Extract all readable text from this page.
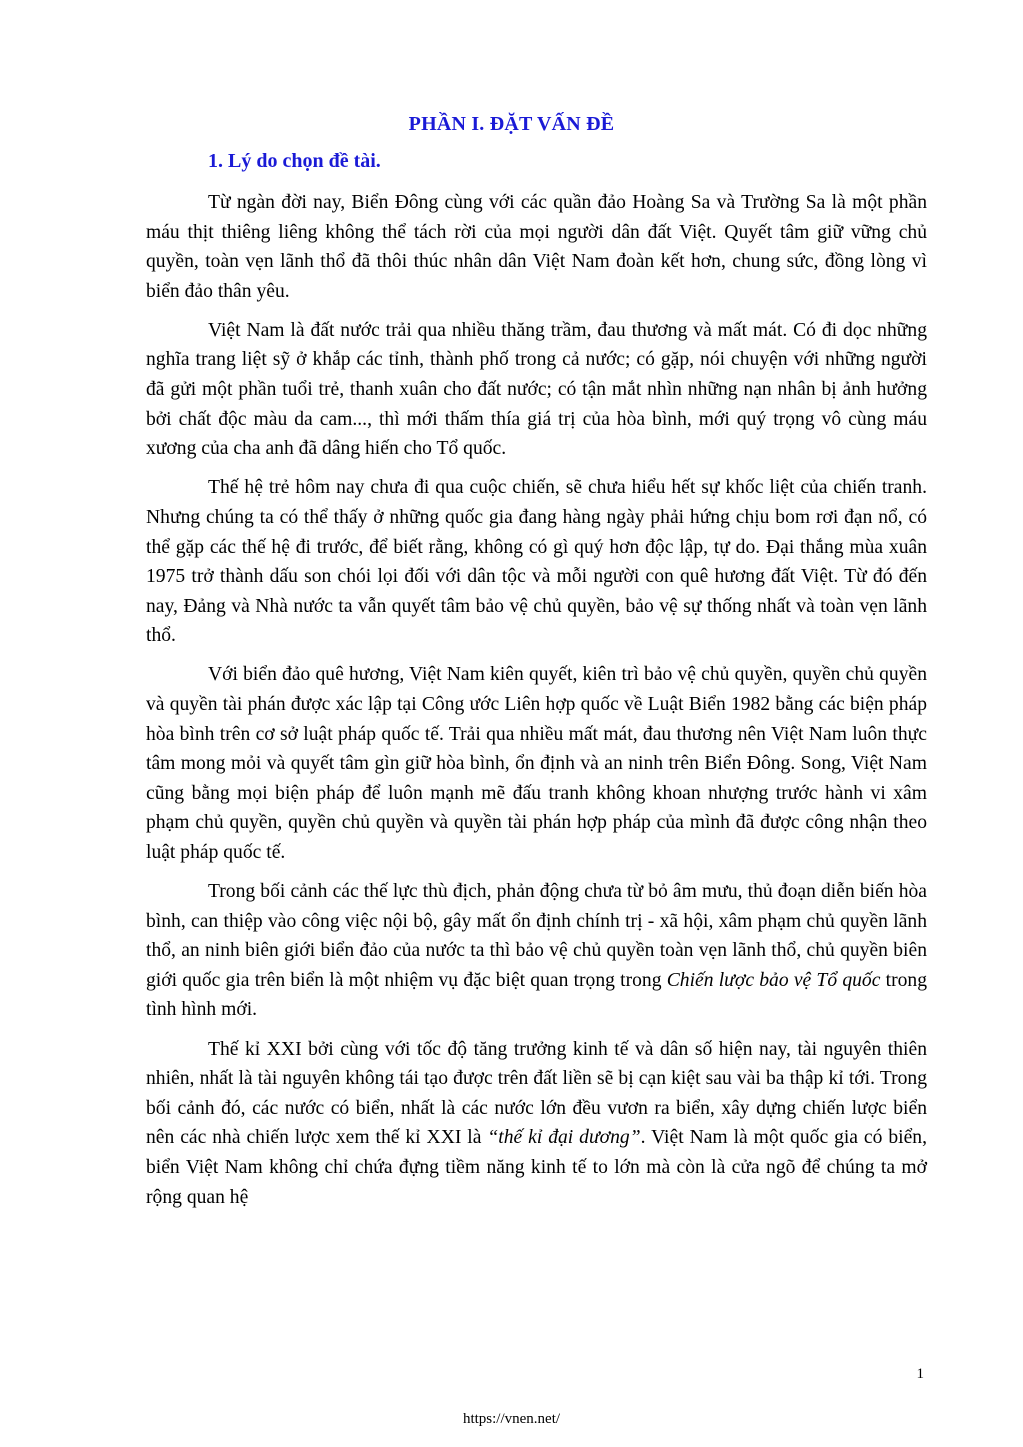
PHẦN I. ĐẶT VẤN ĐỀ
1. Lý do chọn đề tài.

Từ ngàn đời nay, Biển Đông cùng với các quần đảo Hoàng Sa và Trường Sa là một phần máu thịt thiêng liêng không thể tách rời của mọi người dân đất Việt. Quyết tâm giữ vững chủ quyền, toàn vẹn lãnh thổ đã thôi thúc nhân dân Việt Nam đoàn kết hơn, chung sức, đồng lòng vì biển đảo thân yêu.

Việt Nam là đất nước trải qua nhiều thăng trầm, đau thương và mất mát. Có đi dọc những nghĩa trang liệt sỹ ở khắp các tỉnh, thành phố trong cả nước; có gặp, nói chuyện với những người đã gửi một phần tuổi trẻ, thanh xuân cho đất nước; có tận mắt nhìn những nạn nhân bị ảnh hưởng bởi chất độc màu da cam..., thì mới thấm thía giá trị của hòa bình, mới quý trọng vô cùng máu xương của cha anh đã dâng hiến cho Tổ quốc.

Thế hệ trẻ hôm nay chưa đi qua cuộc chiến, sẽ chưa hiểu hết sự khốc liệt của chiến tranh. Nhưng chúng ta có thể thấy ở những quốc gia đang hàng ngày phải hứng chịu bom rơi đạn nổ, có thể gặp các thế hệ đi trước, để biết rằng, không có gì quý hơn độc lập, tự do. Đại thắng mùa xuân 1975 trở thành dấu son chói lọi đối với dân tộc và mỗi người con quê hương đất Việt. Từ đó đến nay, Đảng và Nhà nước ta vẫn quyết tâm bảo vệ chủ quyền, bảo vệ sự thống nhất và toàn vẹn lãnh thổ.

Với biển đảo quê hương, Việt Nam kiên quyết, kiên trì bảo vệ chủ quyền, quyền chủ quyền và quyền tài phán được xác lập tại Công ước Liên hợp quốc về Luật Biển 1982 bằng các biện pháp hòa bình trên cơ sở luật pháp quốc tế. Trải qua nhiều mất mát, đau thương nên Việt Nam luôn thực tâm mong mỏi và quyết tâm gìn giữ hòa bình, ổn định và an ninh trên Biển Đông. Song, Việt Nam cũng bằng mọi biện pháp để luôn mạnh mẽ đấu tranh không khoan nhượng trước hành vi xâm phạm chủ quyền, quyền chủ quyền và quyền tài phán hợp pháp của mình đã được công nhận theo luật pháp quốc tế.

Trong bối cảnh các thế lực thù địch, phản động chưa từ bỏ âm mưu, thủ đoạn diễn biến hòa bình, can thiệp vào công việc nội bộ, gây mất ổn định chính trị - xã hội, xâm phạm chủ quyền lãnh thổ, an ninh biên giới biển đảo của nước ta thì bảo vệ chủ quyền toàn vẹn lãnh thổ, chủ quyền biên giới quốc gia trên biển là một nhiệm vụ đặc biệt quan trọng trong Chiến lược bảo vệ Tổ quốc trong tình hình mới.

Thế kỉ XXI bởi cùng với tốc độ tăng trưởng kinh tế và dân số hiện nay, tài nguyên thiên nhiên, nhất là tài nguyên không tái tạo được trên đất liền sẽ bị cạn kiệt sau vài ba thập kỉ tới. Trong bối cảnh đó, các nước có biển, nhất là các nước lớn đều vươn ra biển, xây dựng chiến lược biển nên các nhà chiến lược xem thế kỉ XXI là “thế kỉ đại dương”. Việt Nam là một quốc gia có biển, biển Việt Nam không chỉ chứa đựng tiềm năng kinh tế to lớn mà còn là cửa ngõ để chúng ta mở rộng quan hệ

1
https://vnen.net/
